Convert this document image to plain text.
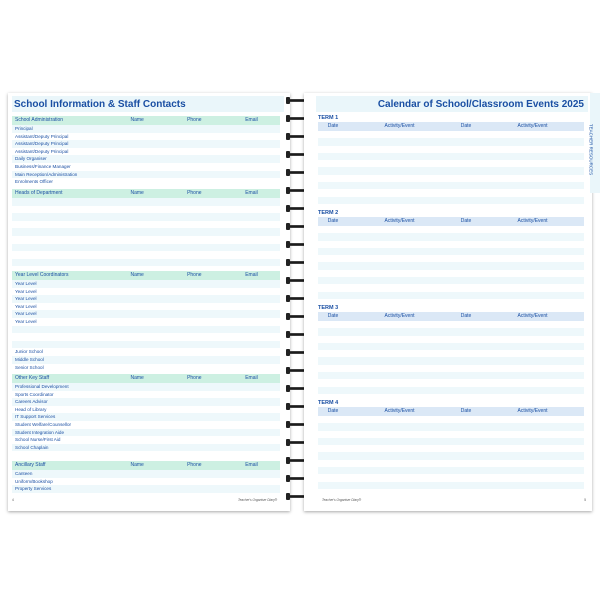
School Information & Staff Contacts
School Administration	Name	Phone	Email
Principal
Assistant/Deputy Principal
Assistant/Deputy Principal
Assistant/Deputy Principal
Daily Organiser
Business/Finance Manager
Main Reception/Administration
Enrolments Officer
Heads of Department	Name	Phone	Email
Year Level Coordinators	Name	Phone	Email
Year Level
Year Level
Year Level
Year Level
Year Level
Year Level
Junior School
Middle School
Senior School
Other Key Staff	Name	Phone	Email
Professional Development
Sports Coordinator
Careers Advisor
Head of Library
IT Support Services
Student Welfare/Counsellor
Student Integration Aide
School Nurse/First Aid
School Chaplain
Ancillary Staff	Name	Phone	Email
Canteen
Uniform/Bookshop
Property Services
Teacher's Organiser Diary®
4
Calendar of School/Classroom Events 2025
TERM 1
Date	Activity/Event	Date	Activity/Event
TERM 2
Date	Activity/Event	Date	Activity/Event
TERM 3
Date	Activity/Event	Date	Activity/Event
TERM 4
Date	Activity/Event	Date	Activity/Event
Teacher's Organiser Diary®	5
TEACHER RESOURCES
